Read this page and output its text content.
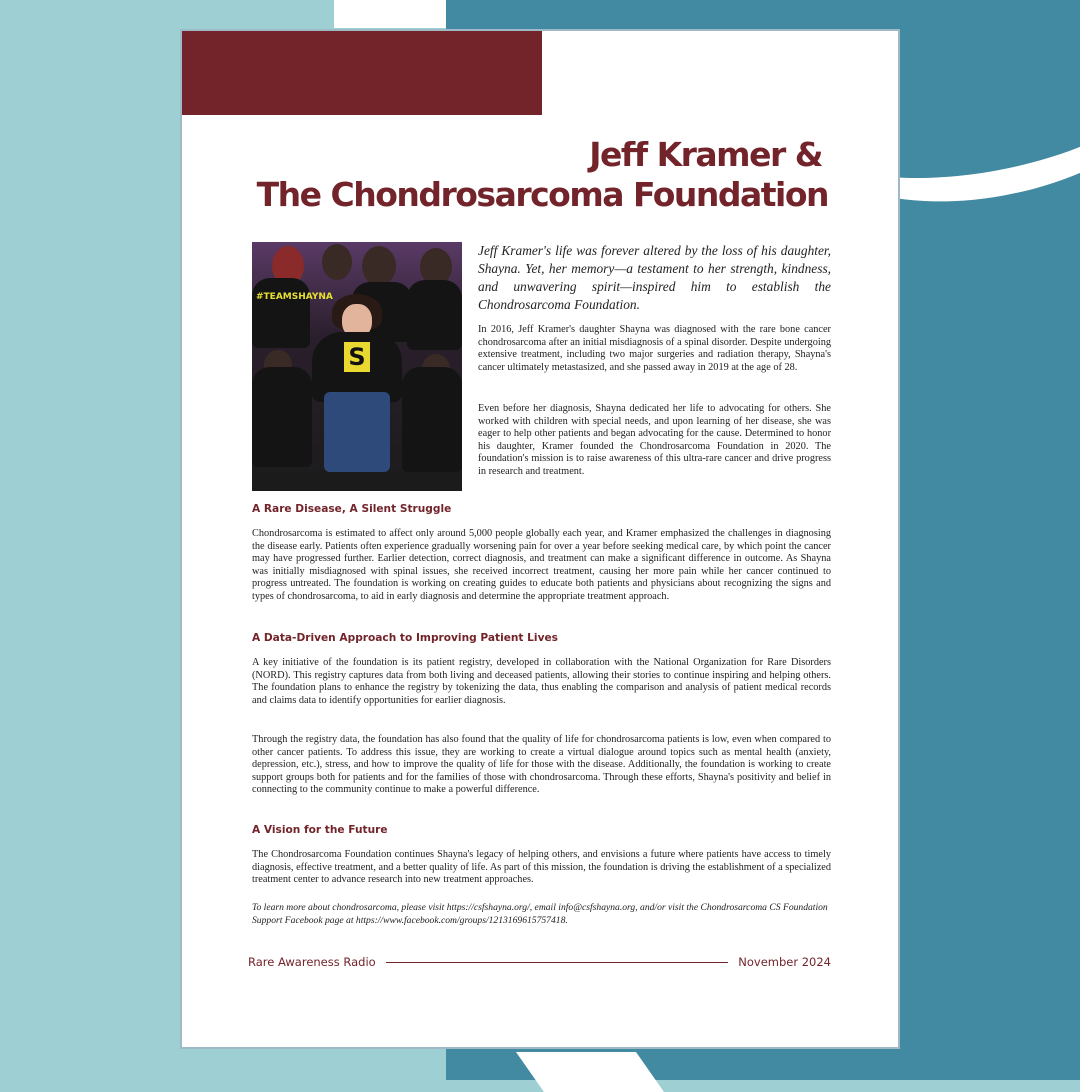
Jeff Kramer &
The Chondrosarcoma Foundation
#TEAMSHAYNA
S

Jeff Kramer's life was forever altered by the loss of his daughter, Shayna. Yet, her memory—a testament to her strength, kindness, and unwavering spirit—inspired him to establish the Chondrosarcoma Foundation.

In 2016, Jeff Kramer's daughter Shayna was diagnosed with the rare bone cancer chondrosarcoma after an initial misdiagnosis of a spinal disorder. Despite undergoing extensive treatment, including two major surgeries and radiation therapy, Shayna's cancer ultimately metastasized, and she passed away in 2019 at the age of 28.

Even before her diagnosis, Shayna dedicated her life to advocating for others. She worked with children with special needs, and upon learning of her disease, she was eager to help other patients and began advocating for the cause. Determined to honor his daughter, Kramer founded the Chondrosarcoma Foundation in 2020. The foundation's mission is to raise awareness of this ultra-rare cancer and drive progress in research and treatment.

A Rare Disease, A Silent Struggle

Chondrosarcoma is estimated to affect only around 5,000 people globally each year, and Kramer emphasized the challenges in diagnosing the disease early. Patients often experience gradually worsening pain for over a year before seeking medical care, by which point the cancer may have progressed further. Earlier detection, correct diagnosis, and treatment can make a significant difference in outcome. As Shayna was initially misdiagnosed with spinal issues, she received incorrect treatment, causing her more pain while her cancer continued to progress untreated. The foundation is working on creating guides to educate both patients and physicians about recognizing the signs and types of chondrosarcoma, to aid in early diagnosis and determine the appropriate treatment approach.

A Data-Driven Approach to Improving Patient Lives

A key initiative of the foundation is its patient registry, developed in collaboration with the National Organization for Rare Disorders (NORD). This registry captures data from both living and deceased patients, allowing their stories to continue inspiring and helping others. The foundation plans to enhance the registry by tokenizing the data, thus enabling the comparison and analysis of patient medical records and claims data to identify opportunities for earlier diagnosis.

Through the registry data, the foundation has also found that the quality of life for chondrosarcoma patients is low, even when compared to other cancer patients. To address this issue, they are working to create a virtual dialogue around topics such as mental health (anxiety, depression, etc.), stress, and how to improve the quality of life for those with the disease. Additionally, the foundation is working to create support groups both for patients and for the families of those with chondrosarcoma. Through these efforts, Shayna's positivity and belief in connecting to the community continue to make a powerful difference.

A Vision for the Future

The Chondrosarcoma Foundation continues Shayna's legacy of helping others, and envisions a future where patients have access to timely diagnosis, effective treatment, and a better quality of life. As part of this mission, the foundation is driving the establishment of a specialized treatment center to advance research into new treatment approaches.

To learn more about chondrosarcoma, please visit https://csfshayna.org/, email info@csfshayna.org, and/or visit the Chondrosarcoma CS Foundation Support Facebook page at https://www.facebook.com/groups/1213169615757418.

Rare Awareness Radio	November 2024
